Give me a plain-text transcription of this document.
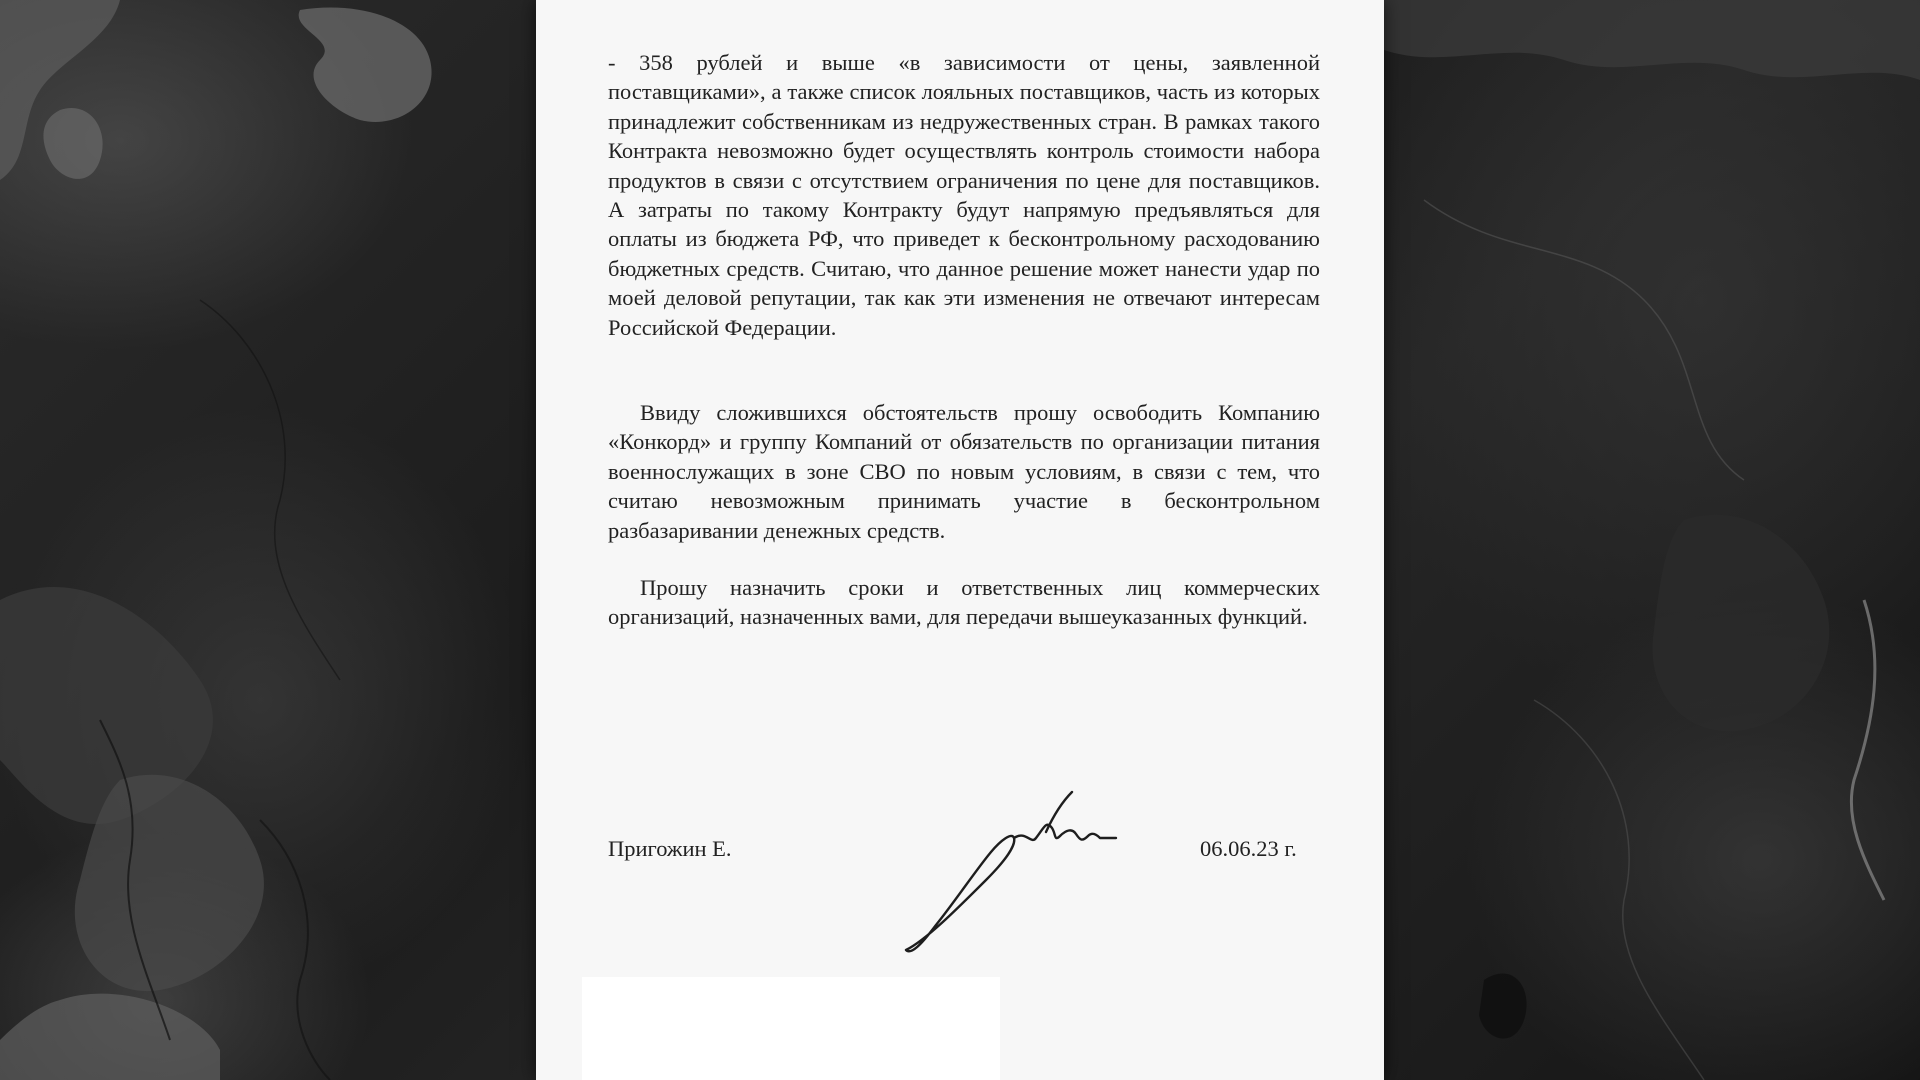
- 358 рублей и выше «в зависимости от цены, заявленной поставщиками», а также список лояльных поставщиков, часть из которых принадлежит собственникам из недружественных стран. В рамках такого Контракта невозможно будет осуществлять контроль стоимости набора продуктов в связи с отсутствием ограничения по цене для поставщиков. А затраты по такому Контракту будут напрямую предъявляться для оплаты из бюджета РФ, что приведет к бесконтрольному расходованию бюджетных средств. Считаю, что данное решение может нанести удар по моей деловой репутации, так как эти изменения не отвечают интересам Российской Федерации.

Ввиду сложившихся обстоятельств прошу освободить Компанию «Конкорд» и группу Компаний от обязательств по организации питания военнослужащих в зоне СВО по новым условиям, в связи с тем, что считаю невозможным принимать участие в бесконтрольном разбазаривании денежных средств.

Прошу назначить сроки и ответственных лиц коммерческих организаций, назначенных вами, для передачи вышеуказанных функций.

Пригожин Е.	06.06.23 г.
